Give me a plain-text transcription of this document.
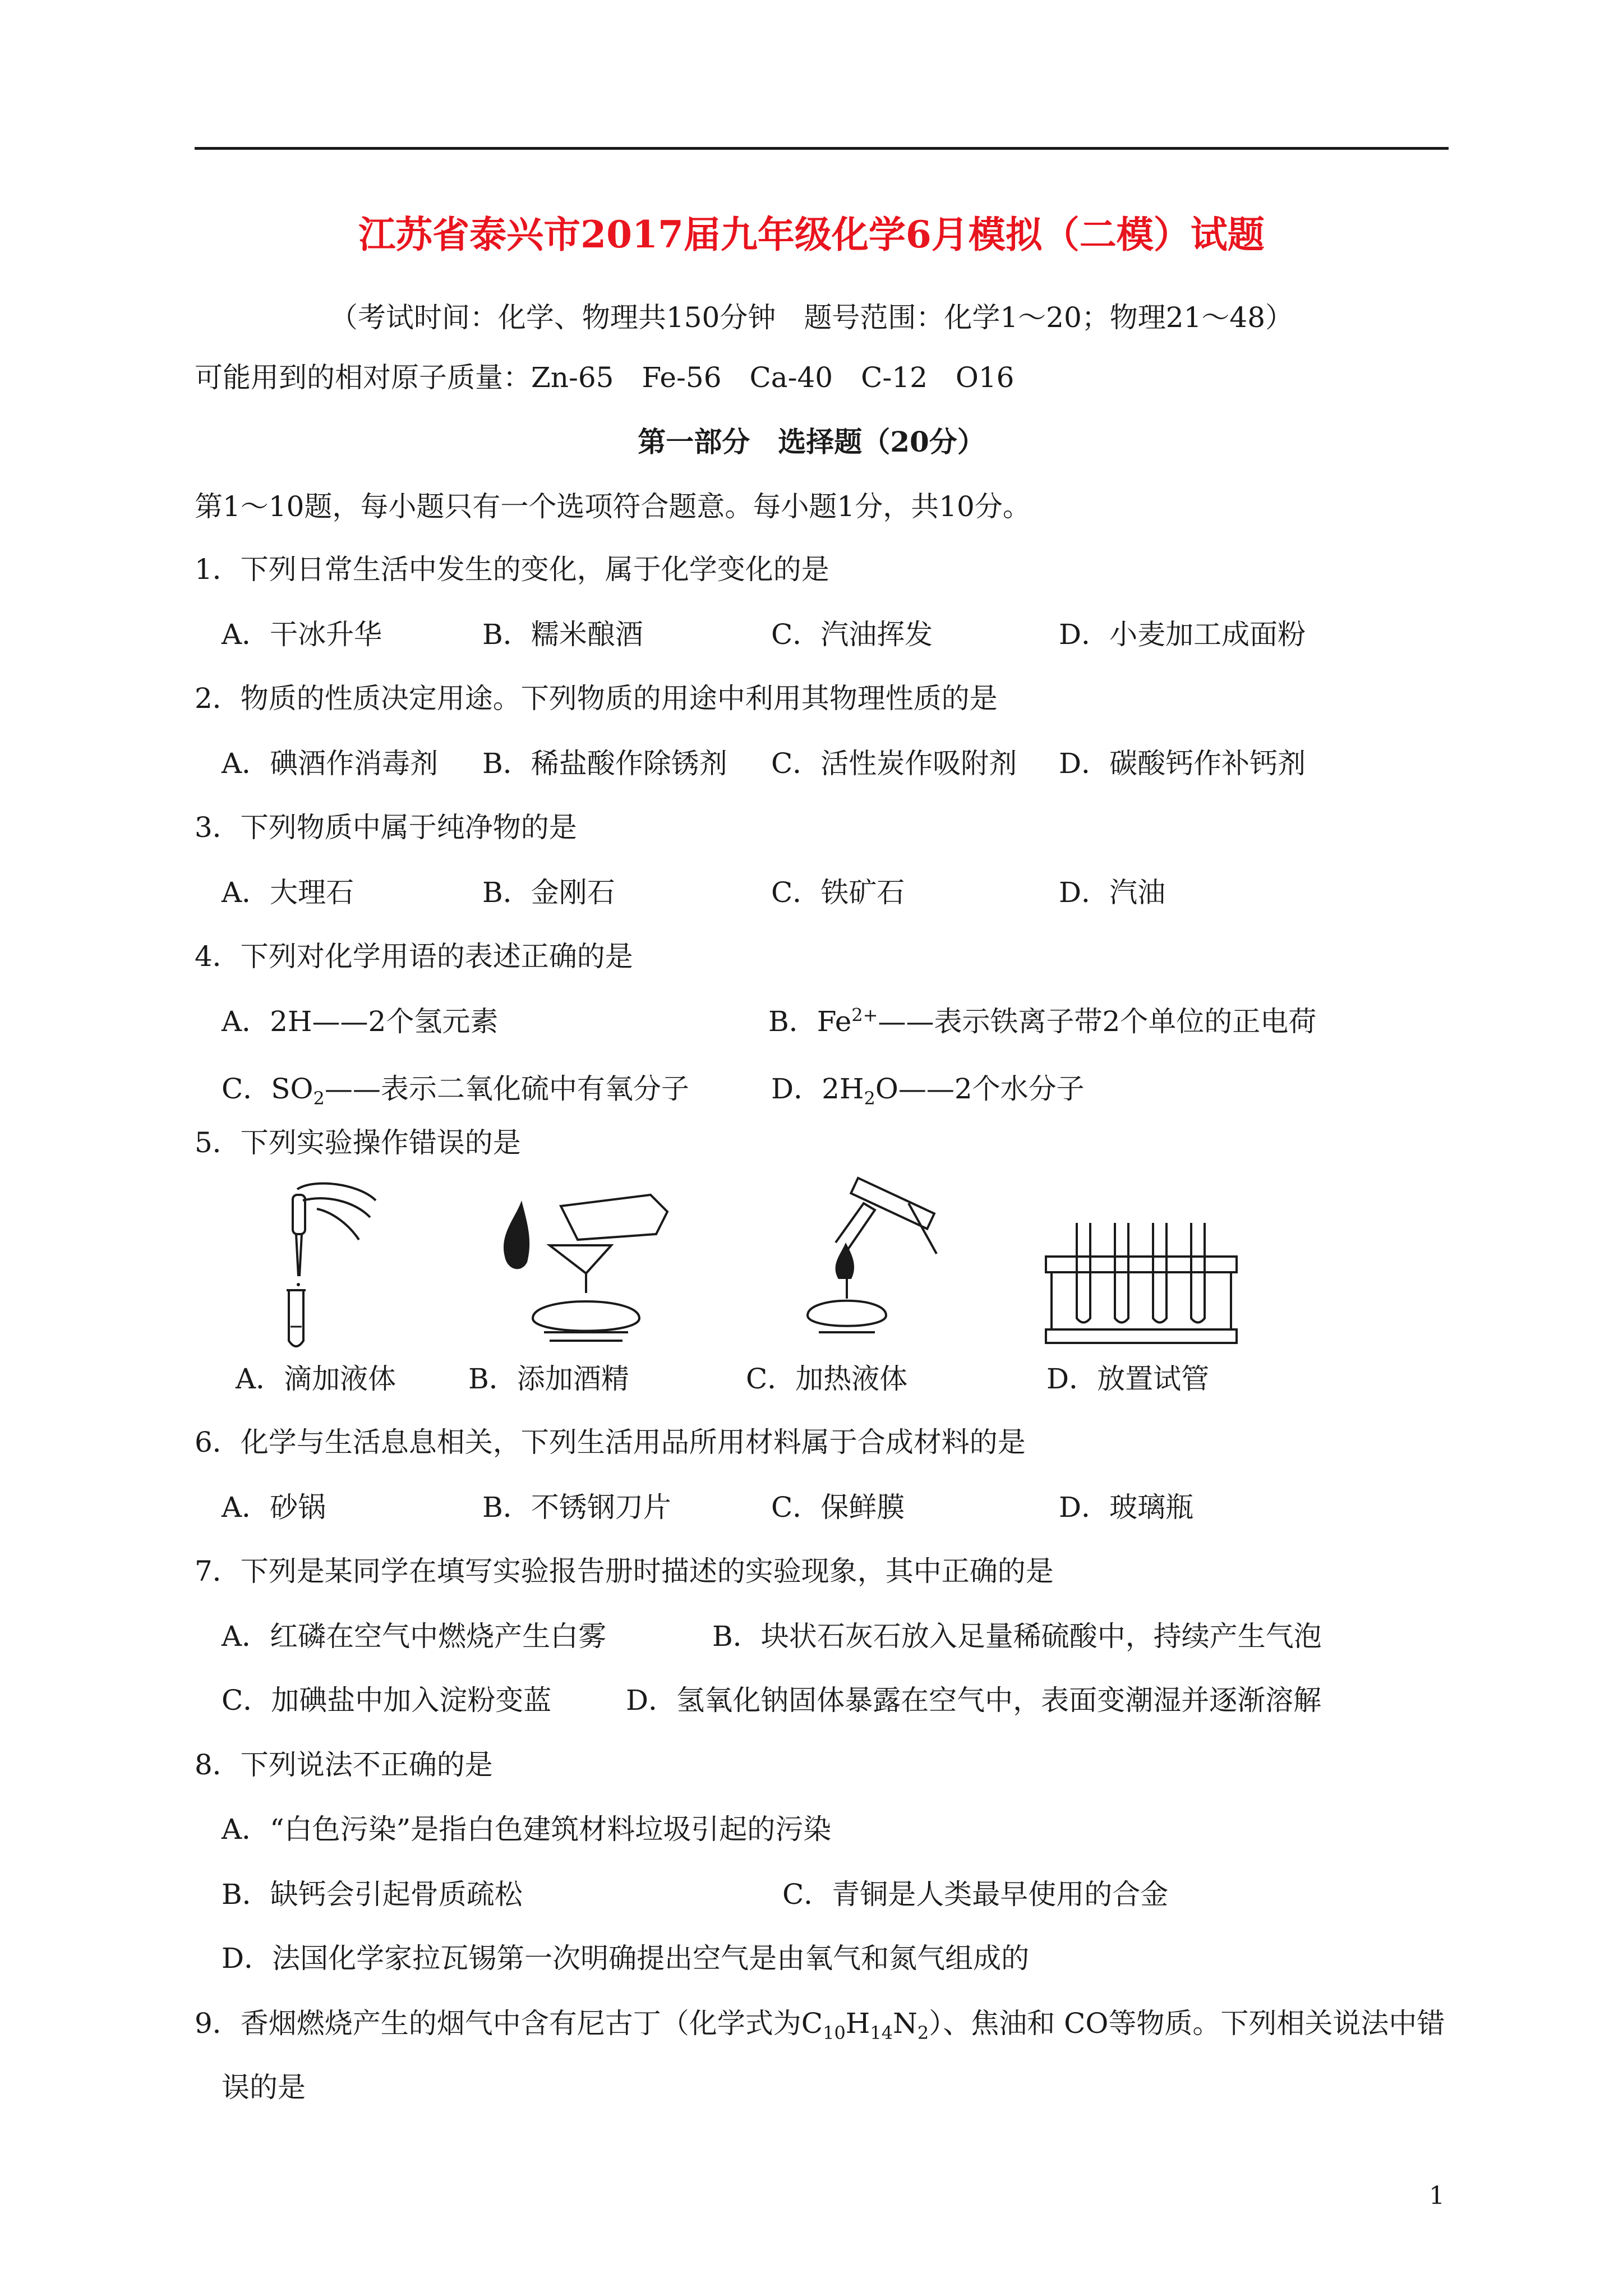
江苏省泰兴市2017届九年级化学6月模拟（二模）试题
（考试时间：化学、物理共150分钟　题号范围：化学1～20；物理21～48）
可能用到的相对原子质量：Zn-65　Fe-56　Ca-40　C-12　O16
第一部分　选择题（20分）
第1～10题，每小题只有一个选项符合题意。每小题1分，共10分。
1．下列日常生活中发生的变化，属于化学变化的是
A．干冰升华	B．糯米酿酒	C．汽油挥发	D．小麦加工成面粉
2．物质的性质决定用途。下列物质的用途中利用其物理性质的是
A．碘酒作消毒剂 B．稀盐酸作除锈剂 C．活性炭作吸附剂 D．碳酸钙作补钙剂
3．下列物质中属于纯净物的是
A．大理石	B．金刚石	C．铁矿石	D．汽油
4．下列对化学用语的表述正确的是
A．2H——2个氢元素	B．$Fe^{2+}——$表示铁离子带2个单位的正电荷
C．$SO_2——$表示二氧化硫中有氧分子	D．$2H_2O——2$个水分子
5．下列实验操作错误的是
A．滴加液体	B．添加酒精	C．加热液体	D．放置试管
6．化学与生活息息相关，下列生活用品所用材料属于合成材料的是
A．砂锅	B．不锈钢刀片	C．保鲜膜	D．玻璃瓶
7．下列是某同学在填写实验报告册时描述的实验现象，其中正确的是
A．红磷在空气中燃烧产生白雾	B．块状石灰石放入足量稀硫酸中，持续产生气泡
C．加碘盐中加入淀粉变蓝	D．氢氧化钠固体暴露在空气中，表面变潮湿并逐渐溶解
8．下列说法不正确的是
A．“白色污染”是指白色建筑材料垃圾引起的污染
B．缺钙会引起骨质疏松	C．青铜是人类最早使用的合金
D．法国化学家拉瓦锡第一次明确提出空气是由氧气和氮气组成的
9．香烟燃烧产生的烟气中含有尼古丁（化学式为$C_{10}H_{14}N_2$）、焦油和 CO等物质。下列相关说法中错
误的是
1
